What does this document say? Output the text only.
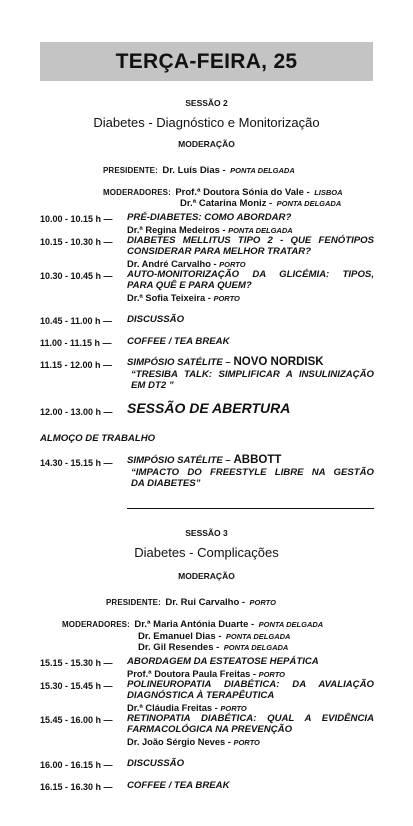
TERÇA-FEIRA, 25
SESSÃO 2
Diabetes - Diagnóstico e Monitorização
MODERAÇÃO
PRESIDENTE: Dr. Luís Dias - PONTA DELGADA
MODERADORES: Prof.ª Doutora Sónia do Vale - LISBOA
Dr.ª Catarina Moniz - PONTA DELGADA
10.00 - 10.15 h — PRÉ-DIABETES: COMO ABORDAR?
Dr.ª Regina Medeiros - PONTA DELGADA
10.15 - 10.30 h — DIABETES MELLITUS TIPO 2 - QUE FENÓTIPOS
CONSIDERAR PARA MELHOR TRATAR?
Dr. André Carvalho - PORTO
10.30 - 10.45 h — AUTO-MONITORIZAÇÃO DA GLICÉMIA: TIPOS,
PARA QUÊ E PARA QUEM?
Dr.ª Sofia Teixeira - PORTO
10.45 - 11.00 h — DISCUSSÃO
11.00 - 11.15 h — COFFEE / TEA BREAK
11.15 - 12.00 h — SIMPÓSIO SATÉLITE – NOVO NORDISK
“TRESIBA TALK: SIMPLIFICAR A INSULINIZAÇÃO
EM DT2 ”
12.00 - 13.00 h — SESSÃO DE ABERTURA
ALMOÇO DE TRABALHO
14.30 - 15.15 h — SIMPÓSIO SATÉLITE – ABBOTT
“IMPACTO DO FREESTYLE LIBRE NA GESTÃO
DA DIABETES”
SESSÃO 3
Diabetes - Complicações
MODERAÇÃO
PRESIDENTE: Dr. Rui Carvalho - PORTO
MODERADORES: Dr.ª Maria Antónia Duarte - PONTA DELGADA
Dr. Emanuel Dias - PONTA DELGADA
Dr. Gil Resendes - PONTA DELGADA
15.15 - 15.30 h — ABORDAGEM DA ESTEATOSE HEPÁTICA
Prof.ª Doutora Paula Freitas - PORTO
15.30 - 15.45 h — POLINEUROPATIA DIABÉTICA: DA AVALIAÇÃO
DIAGNÓSTICA À TERAPÊUTICA
Dr.ª Cláudia Freitas - PORTO
15.45 - 16.00 h — RETINOPATIA DIABÉTICA: QUAL A EVIDÊNCIA
FARMACOLÓGICA NA PREVENÇÃO
Dr. João Sérgio Neves - PORTO
16.00 - 16.15 h — DISCUSSÃO
16.15 - 16.30 h — COFFEE / TEA BREAK
